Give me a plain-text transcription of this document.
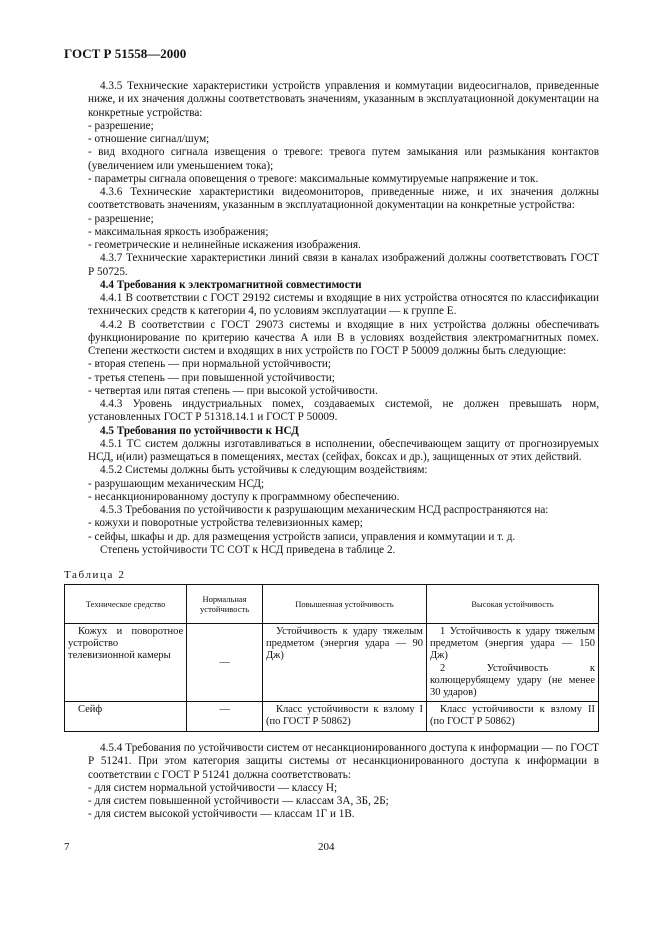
ГОСТ Р 51558—2000

4.3.5 Технические характеристики устройств управления и коммутации видеосигналов, приведенные ниже, и их значения должны соответствовать значениям, указанным в эксплуатационной документации на конкретные устройства:

- разрешение;

- отношение сигнал/шум;

- вид входного сигнала извещения о тревоге: тревога путем замыкания или размыкания контактов (увеличением или уменьшением тока);

- параметры сигнала оповещения о тревоге: максимальные коммутируемые напряжение и ток.

4.3.6 Технические характеристики видеомониторов, приведенные ниже, и их значения должны соответствовать значениям, указанным в эксплуатационной документации на конкретные устройства:

- разрешение;

- максимальная яркость изображения;

- геометрические и нелинейные искажения изображения.

4.3.7 Технические характеристики линий связи в каналах изображений должны соответствовать ГОСТ Р 50725.

4.4 Требования к электромагнитной совместимости

4.4.1 В соответствии с ГОСТ 29192 системы и входящие в них устройства относятся по классификации технических средств к категории 4, по условиям эксплуатации — к группе Е.

4.4.2 В соответствии с ГОСТ 29073 системы и входящие в них устройства должны обеспечивать функционирование по критерию качества А или В в условиях воздействия электромагнитных помех. Степени жесткости систем и входящих в них устройств по ГОСТ Р 50009 должны быть следующие:

- вторая степень — при нормальной устойчивости;

- третья степень — при повышенной устойчивости;

- четвертая или пятая степень — при высокой устойчивости.

4.4.3 Уровень индустриальных помех, создаваемых системой, не должен превышать норм, установленных ГОСТ Р 51318.14.1 и ГОСТ Р 50009.

4.5 Требования по устойчивости к НСД

4.5.1 ТС систем должны изготавливаться в исполнении, обеспечивающем защиту от прогнозируемых НСД, и(или) размещаться в помещениях, местах (сейфах, боксах и др.), защищенных от этих действий.

4.5.2 Системы должны быть устойчивы к следующим воздействиям:

- разрушающим механическим НСД;

- несанкционированному доступу к программному обеспечению.

4.5.3 Требования по устойчивости к разрушающим механическим НСД распространяются на:

- кожухи и поворотные устройства телевизионных камер;

- сейфы, шкафы и др. для размещения устройств записи, управления и коммутации и т. д.

Степень устойчивости ТС СОТ к НСД приведена в таблице 2.

Таблица 2
Техническое средство	Нормальная устойчивость	Повышенная устойчивость	Высокая устойчивость
Кожух и поворотное устройство телевизионной камеры	—	Устойчивость к удару тяжелым предметом (энергия удара — 90 Дж)	1 Устойчивость к удару тяжелым предметом (энергия удара — 150 Дж)
2 Устойчивость к колющерубящему удару (не менее 30 ударов)

Сейф	—	Класс устойчивости к взлому I (по ГОСТ Р 50862)	Класс устойчивости к взлому II (по ГОСТ Р 50862)

4.5.4 Требования по устойчивости систем от несанкционированного доступа к информации — по ГОСТ Р 51241. При этом категория защиты системы от несанкционированного доступа к информации в соответствии с ГОСТ Р 51241 должна соответствовать:

- для систем нормальной устойчивости — классу Н;

- для систем повышенной устойчивости — классам 3А, 3Б, 2Б;

- для систем высокой устойчивости — классам 1Г и 1В.

7	204
